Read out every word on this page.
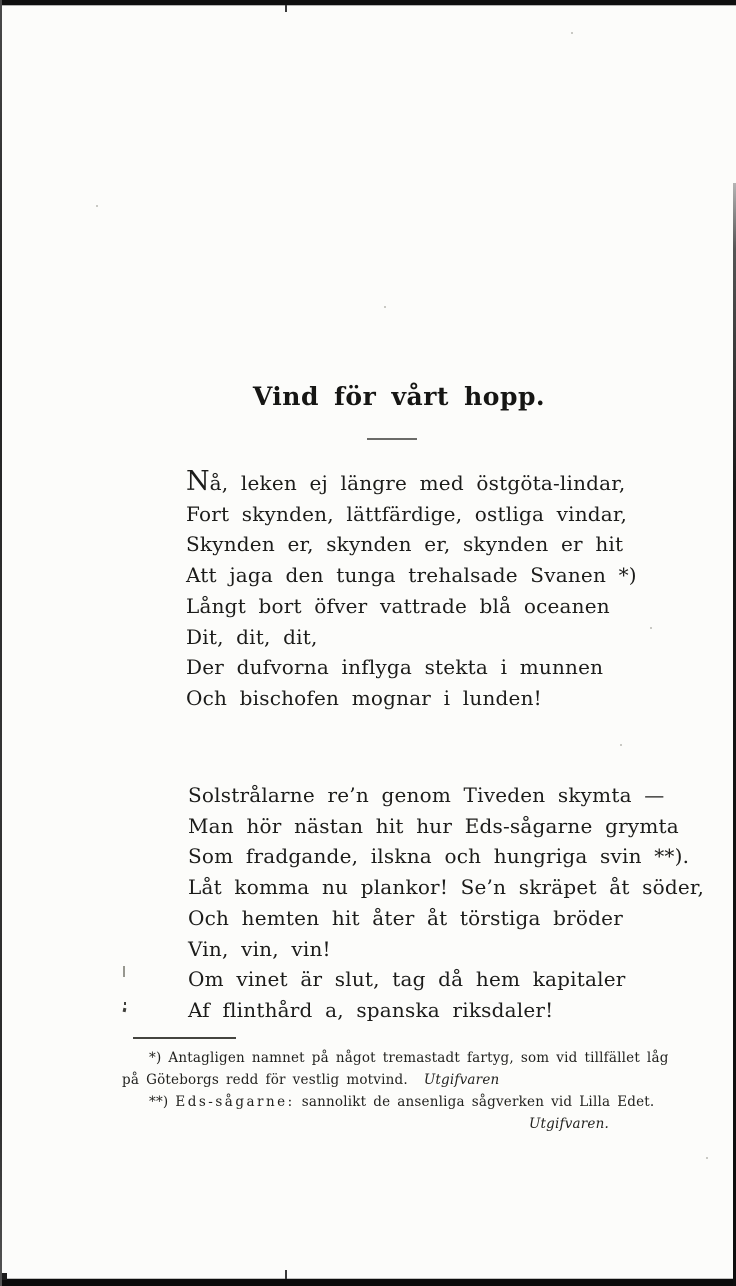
Vind för vårt hopp.
Nå, leken ej längre med östgöta-lindar,
Fort skynden, lättfärdige, ostliga vindar,
Skynden er, skynden er, skynden er hit
Att jaga den tunga trehalsade Svanen *)
Långt bort öfver vattrade blå oceanen
Dit, dit, dit,
Der dufvorna inflyga stekta i munnen
Och bischofen mognar i lunden!
Solstrålarne re’n genom Tiveden skymta —
Man hör nästan hit hur Eds-sågarne grymta
Som fradgande, ilskna och hungriga svin **).
Låt komma nu plankor! Se’n skräpet åt söder,
Och hemten hit åter åt törstiga bröder
Vin, vin, vin!
Om vinet är slut, tag då hem kapitaler
Af flinthård a, spanska riksdaler!
*) Antagligen namnet på något tremastadt fartyg, som vid tillfället låg
på Göteborgs redd för vestlig motvind. Utgifvaren
**) Eds-sågarne: sannolikt de ansenliga sågverken vid Lilla Edet.
Utgifvaren.
